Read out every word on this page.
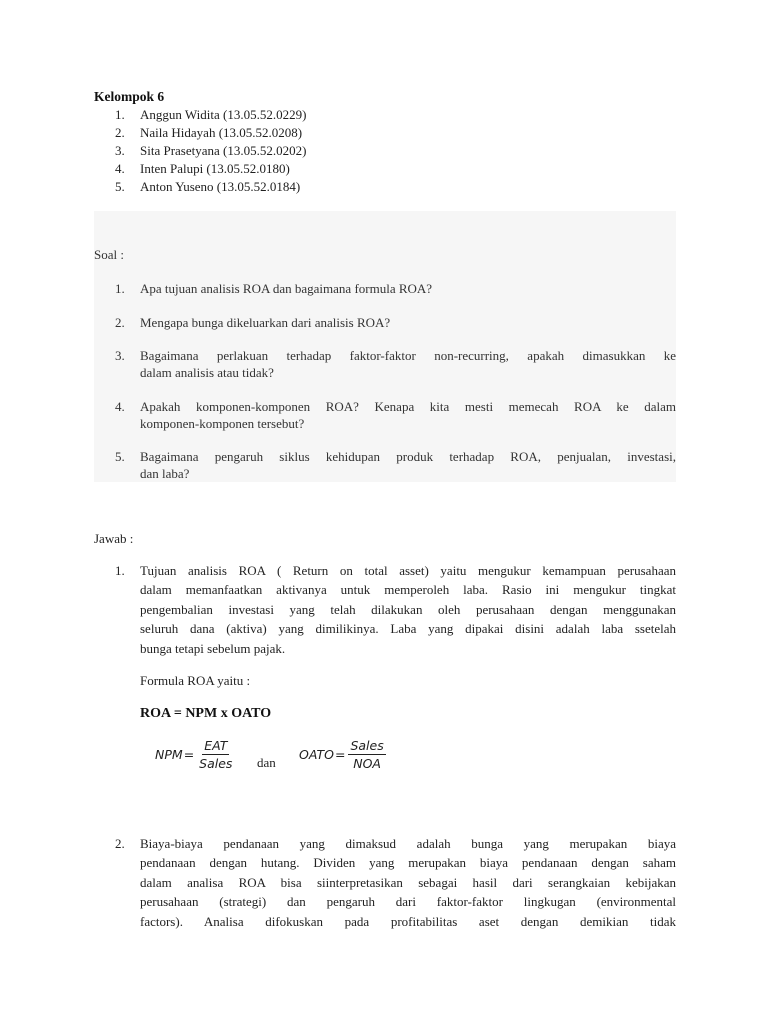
Kelompok 6
1. Anggun Widita (13.05.52.0229)
2. Naila Hidayah (13.05.52.0208)
3. Sita Prasetyana (13.05.52.0202)
4. Inten Palupi (13.05.52.0180)
5. Anton Yuseno (13.05.52.0184)
Soal :
1. Apa tujuan analisis ROA dan bagaimana formula ROA?
2. Mengapa bunga dikeluarkan dari analisis ROA?
3. Bagaimana perlakuan terhadap faktor-faktor non-recurring, apakah dimasukkan ke
dalam analisis atau tidak?
4. Apakah komponen-komponen ROA? Kenapa kita mesti memecah ROA ke dalam
komponen-komponen tersebut?
5. Bagaimana pengaruh siklus kehidupan produk terhadap ROA, penjualan, investasi,
dan laba?
Jawab :
1. Tujuan analisis ROA ( Return on total asset) yaitu mengukur kemampuan perusahaan
dalam memanfaatkan aktivanya untuk memperoleh laba. Rasio ini mengukur tingkat
pengembalian investasi yang telah dilakukan oleh perusahaan dengan menggunakan
seluruh dana (aktiva) yang dimilikinya. Laba yang dipakai disini adalah laba ssetelah
bunga tetapi sebelum pajak.
Formula ROA yaitu :
ROA = NPM x OATO
NPM = $\frac{\text{EAT}}{\text{Sales}}$ dan
OATO = $\frac{\text{Sales}}{\text{NOA}}$
2. Biaya-biaya pendanaan yang dimaksud adalah bunga yang merupakan biaya
pendanaan dengan hutang. Dividen yang merupakan biaya pendanaan dengan saham
dalam analisa ROA bisa siinterpretasikan sebagai hasil dari serangkaian kebijakan
perusahaan (strategi) dan pengaruh dari faktor-faktor lingkugan (environmental
factors). Analisa difokuskan pada profitabilitas aset dengan demikian tidak
